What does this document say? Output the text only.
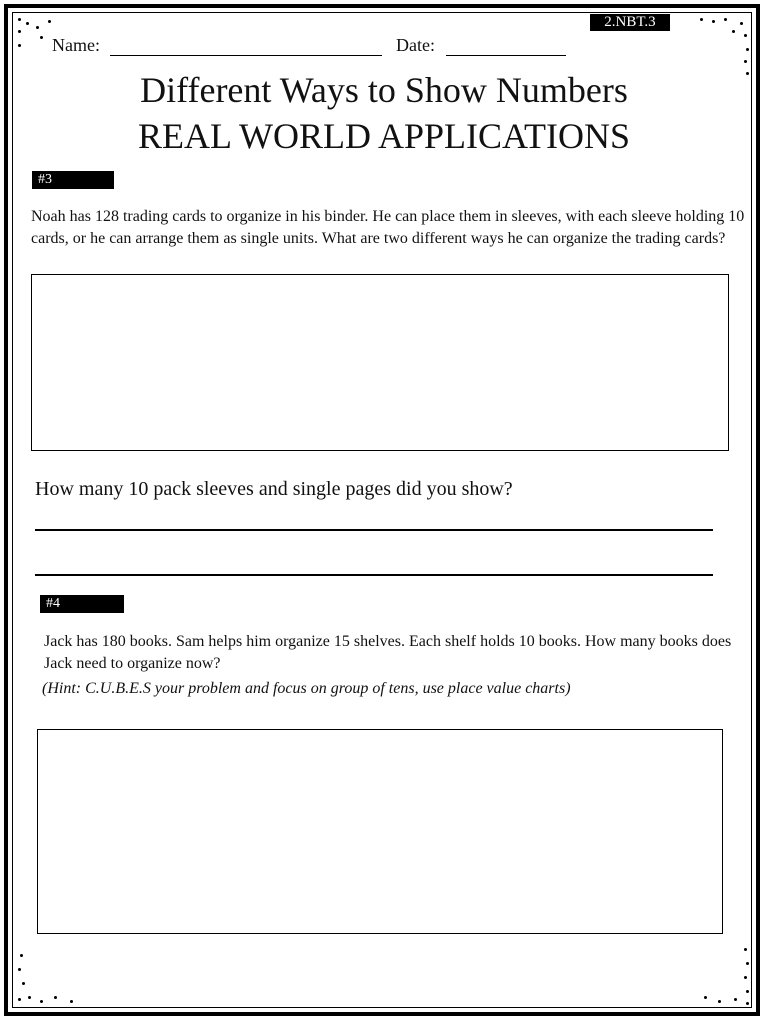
2.NBT.3
Name:	Date:
Different Ways to Show Numbers
REAL WORLD APPLICATIONS
#3
Noah has 128 trading cards to organize in his binder. He can place them in sleeves, with each sleeve holding 10 cards, or he can arrange them as single units. What are two different ways he can organize the trading cards?
How many 10 pack sleeves and single pages did you show?
#4
Jack has 180 books. Sam helps him organize 15 shelves. Each shelf holds 10 books. How many books does Jack need to organize now?
(Hint: C.U.B.E.S your problem and focus on group of tens, use place value charts)
